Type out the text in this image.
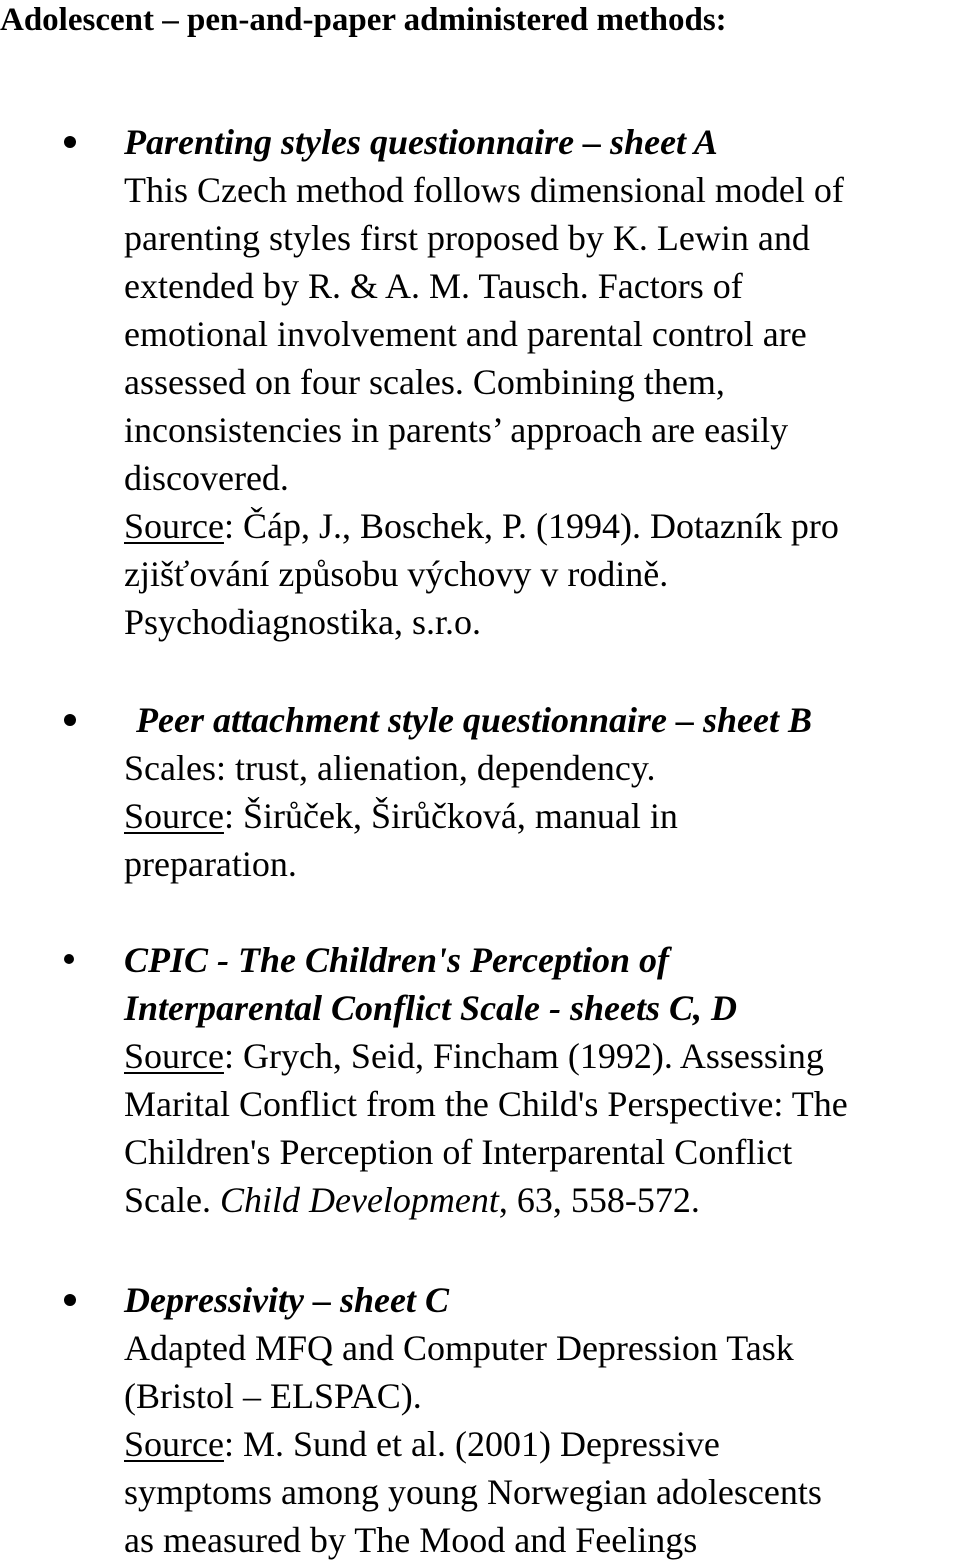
Adolescent – pen-and-paper administered methods:
Parenting styles questionnaire – sheet A
This Czech method follows dimensional model of
parenting styles first proposed by K. Lewin and
extended by R. & A. M. Tausch. Factors of
emotional involvement and parental control are
assessed on four scales. Combining them,
inconsistencies in parents’ approach are easily
discovered.
Source: Čáp, J., Boschek, P. (1994). Dotazník pro
zjišťování způsobu výchovy v rodině.
Psychodiagnostika, s.r.o.
Peer attachment style questionnaire – sheet B
Scales: trust, alienation, dependency.
Source: Širůček, Širůčková, manual in
preparation.
CPIC - The Children's Perception of
Interparental Conflict Scale - sheets C, D
Source: Grych, Seid, Fincham (1992). Assessing
Marital Conflict from the Child's Perspective: The
Children's Perception of Interparental Conflict
Scale. Child Development, 63, 558-572.
Depressivity – sheet C
Adapted MFQ and Computer Depression Task
(Bristol – ELSPAC).
Source: M. Sund et al. (2001) Depressive
symptoms among young Norwegian adolescents
as measured by The Mood and Feelings
